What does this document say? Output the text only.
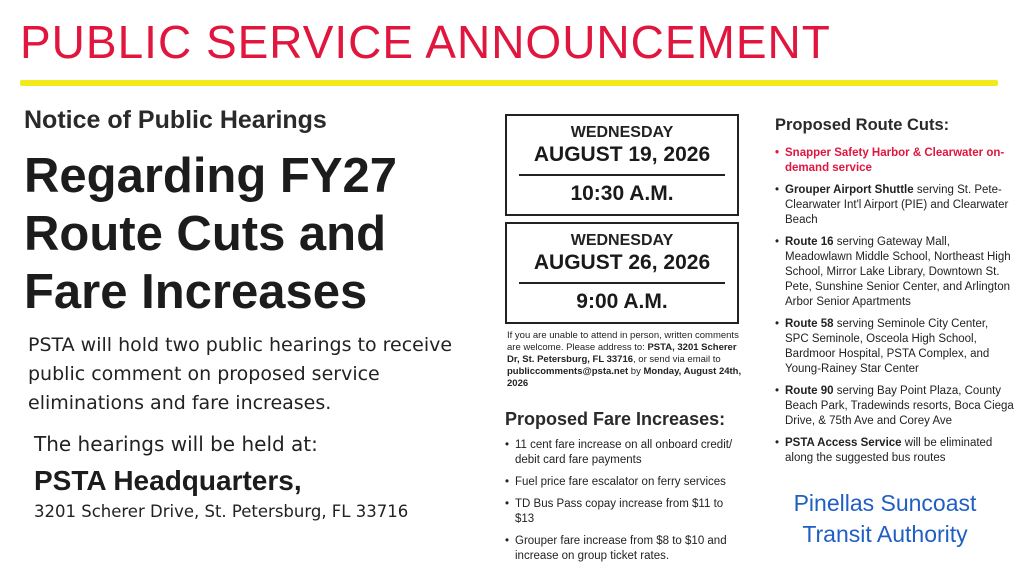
PUBLIC SERVICE ANNOUNCEMENT

Notice of Public Hearings

Regarding FY27
Route Cuts and
Fare Increases

PSTA will hold two public hearings to receive public comment on proposed service eliminations and fare increases.

The hearings will be held at:

PSTA Headquarters,

3201 Scherer Drive, St. Petersburg, FL 33716

WEDNESDAY
AUGUST 19, 2026
10:30 A.M.
WEDNESDAY
AUGUST 26, 2026
9:00 A.M.

If you are unable to attend in person, written comments are welcome. Please address to: PSTA, 3201 Scherer Dr, St. Petersburg, FL 33716, or send via email to publiccomments@psta.net by Monday, August 24th, 2026

Proposed Fare Increases:

• 11 cent fare increase on all onboard credit/ debit card fare payments
• Fuel price fare escalator on ferry services
• TD Bus Pass copay increase from $11 to $13
• Grouper fare increase from $8 to $10 and increase on group ticket rates.

Proposed Route Cuts:

• Snapper Safety Harbor & Clearwater on-demand service
• Grouper Airport Shuttle serving St. Pete-Clearwater Int'l Airport (PIE) and Clearwater Beach
• Route 16 serving Gateway Mall, Meadowlawn Middle School, Northeast High School, Mirror Lake Library, Downtown St. Pete, Sunshine Senior Center, and Arlington Arbor Senior Apartments
• Route 58 serving Seminole City Center, SPC Seminole, Osceola High School, Bardmoor Hospital, PSTA Complex, and Young-Rainey Star Center
• Route 90 serving Bay Point Plaza, County Beach Park, Tradewinds resorts, Boca Ciega Drive, & 75th Ave and Corey Ave
• PSTA Access Service will be eliminated along the suggested bus routes
Pinellas Suncoast
Transit Authority
